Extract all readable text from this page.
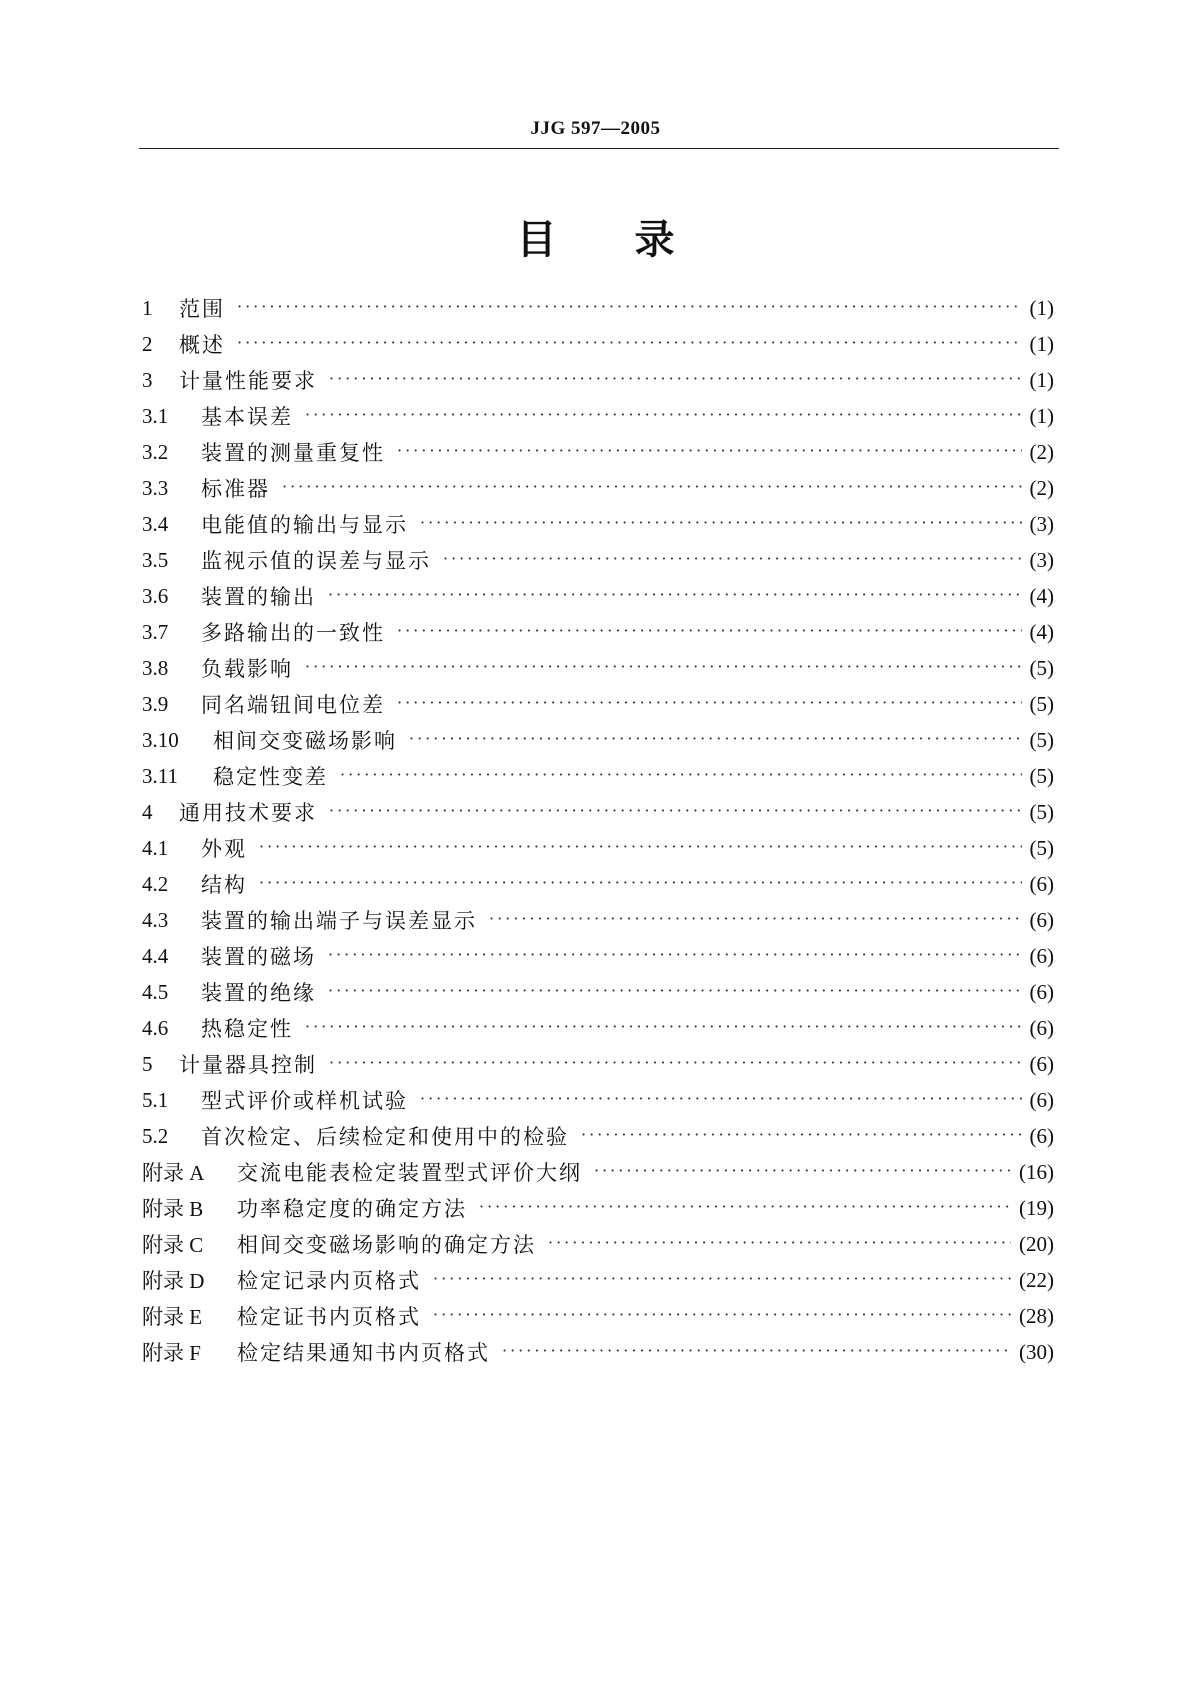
JJG 597—2005
目 录
1	范围 ·····	(1)
2	概述 ·····	(1)
3	计量性能要求 ·····	(1)
3.1	基本误差 ·····	(1)
3.2	装置的测量重复性 ·····	(2)
3.3	标准器 ·····	(2)
3.4	电能值的输出与显示 ·····	(3)
3.5	监视示值的误差与显示 ·····	(3)
3.6	装置的输出 ·····	(4)
3.7	多路输出的一致性 ·····	(4)
3.8	负载影响 ·····	(5)
3.9	同名端钮间电位差 ·····	(5)
3.10	相间交变磁场影响 ·····	(5)
3.11	稳定性变差 ·····	(5)
4	通用技术要求 ·····	(5)
4.1	外观 ·····	(5)
4.2	结构 ·····	(6)
4.3	装置的输出端子与误差显示 ·····	(6)
4.4	装置的磁场 ·····	(6)
4.5	装置的绝缘 ·····	(6)
4.6	热稳定性 ·····	(6)
5	计量器具控制 ·····	(6)
5.1	型式评价或样机试验 ·····	(6)
5.2	首次检定、后续检定和使用中的检验 ·····	(6)
附录 A	交流电能表检定装置型式评价大纲 ·····	(16)
附录 B	功率稳定度的确定方法 ·····	(19)
附录 C	相间交变磁场影响的确定方法 ·····	(20)
附录 D	检定记录内页格式 ·····	(22)
附录 E	检定证书内页格式 ·····	(28)
附录 F	检定结果通知书内页格式 ·····	(30)
